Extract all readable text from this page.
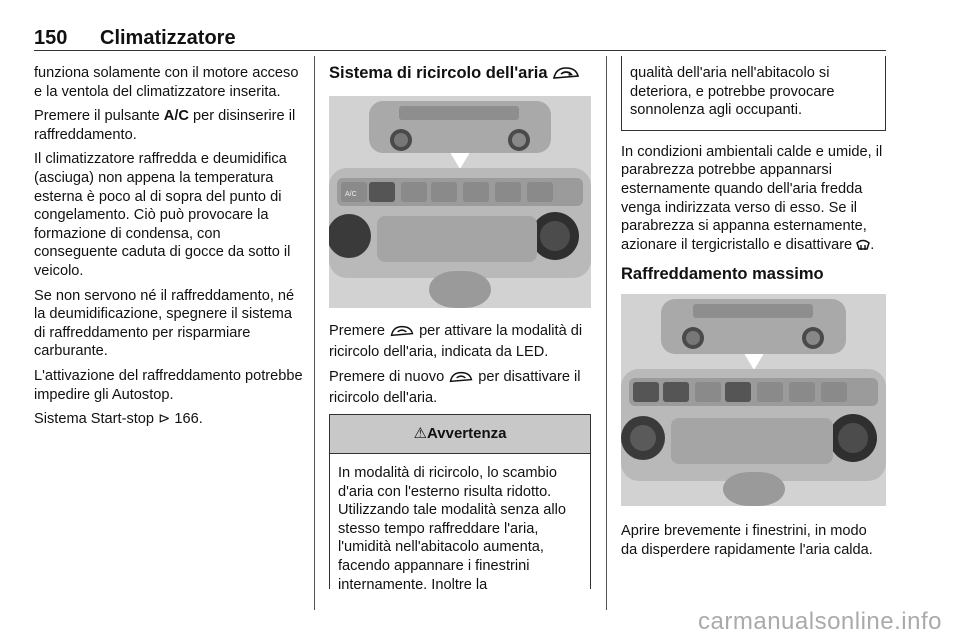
150 Climatizzatore

funziona solamente con il motore acceso e la ventola del climatizzatore inserita.

Premere il pulsante A/C per disinserire il raffreddamento.

Il climatizzatore raffredda e deumidifica (asciuga) non appena la temperatura esterna è poco al di sopra del punto di congelamento. Ciò può provocare la formazione di condensa, con conseguente caduta di gocce da sotto il veicolo.

Se non servono né il raffreddamento, né la deumidificazione, spegnere il sistema di raffreddamento per risparmiare carburante.

L'attivazione del raffreddamento potrebbe impedire gli Autostop.

Sistema Start-stop ⊳ 166.

Sistema di ricircolo dell'aria
A/C

Premere  per attivare la modalità di ricircolo dell'aria, indicata da LED.

Premere di nuovo  per disattivare il ricircolo dell'aria.

⚠Avvertenza
In modalità di ricircolo, lo scambio d'aria con l'esterno risulta ridotto. Utilizzando tale modalità senza allo stesso tempo raffreddare l'aria, l'umidità nell'abitacolo aumenta, facendo appannare i finestrini internamente. Inoltre la
qualità dell'aria nell'abitacolo si deteriora, e potrebbe provocare sonnolenza agli occupanti.

In condizioni ambientali calde e umide, il parabrezza potrebbe appannarsi esternamente quando dell'aria fredda venga indirizzata verso di esso. Se il parabrezza si appanna esternamente, azionare il tergicristallo e disattivare .

Raffreddamento massimo

Aprire brevemente i finestrini, in modo da disperdere rapidamente l'aria calda.

carmanualsonline.info
